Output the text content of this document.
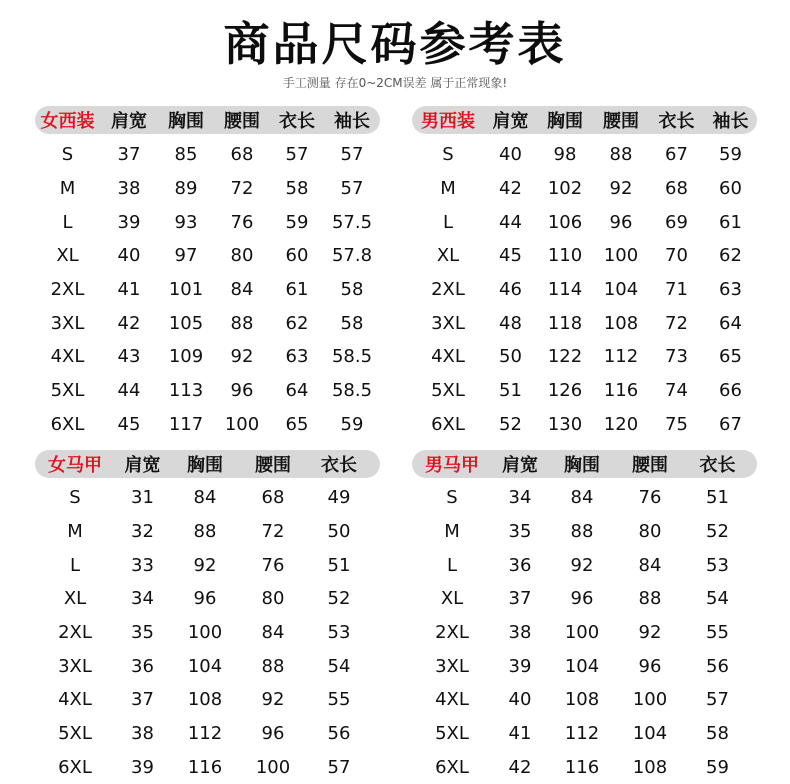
商品尺码参考表
手工测量 存在0~2CM误差 属于正常现象!
女西装 肩宽	胸围	腰围	衣长	袖长
S	37	85	68	57	57
M	38	89	72	58	57
L	39	93	76	59	57.5
XL	40	97	80	60	57.8
2XL	41	101	84	61	58
3XL	42	105	88	62	58
4XL	43	109	92	63	58.5
5XL	44	113	96	64	58.5
6XL	45	117	100	65	59
男西装 肩宽	胸围	腰围	衣长	袖长
S	40	98	88	67	59
M	42	102	92	68	60
L	44	106	96	69	61
XL	45	110	100	70	62
2XL	46	114	104	71	63
3XL	48	118	108	72	64
4XL	50	122	112	73	65
5XL	51	126	116	74	66
6XL	52	130	120	75	67
女马甲	肩宽	胸围	腰围	衣长
S	31	84	68	49
M	32	88	72	50
L	33	92	76	51
XL	34	96	80	52
2XL	35	100	84	53
3XL	36	104	88	54
4XL	37	108	92	55
5XL	38	112	96	56
6XL	39	116	100	57
男马甲	肩宽	胸围	腰围	衣长
S	34	84	76	51
M	35	88	80	52
L	36	92	84	53
XL	37	96	88	54
2XL	38	100	92	55
3XL	39	104	96	56
4XL	40	108	100	57
5XL	41	112	104	58
6XL	42	116	108	59
